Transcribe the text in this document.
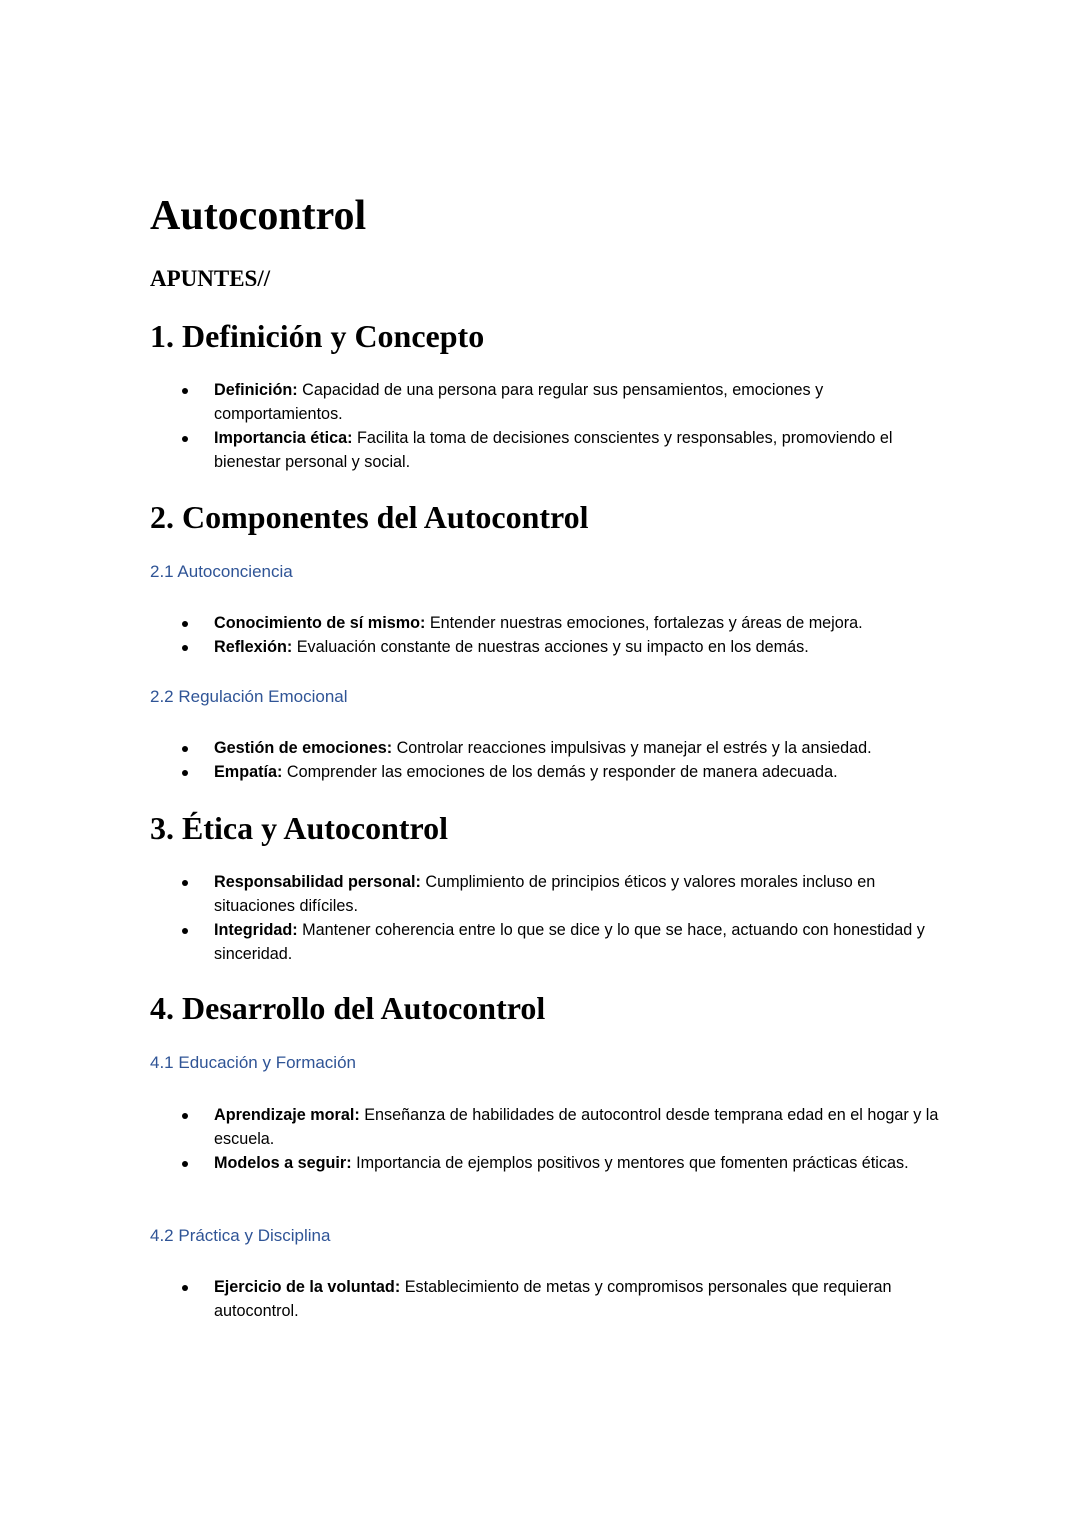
Autocontrol
APUNTES//
1. Definición y Concepto
Definición: Capacidad de una persona para regular sus pensamientos, emociones y comportamientos.
Importancia ética: Facilita la toma de decisiones conscientes y responsables, promoviendo el bienestar personal y social.
2. Componentes del Autocontrol
2.1 Autoconciencia
Conocimiento de sí mismo: Entender nuestras emociones, fortalezas y áreas de mejora.
Reflexión: Evaluación constante de nuestras acciones y su impacto en los demás.
2.2 Regulación Emocional
Gestión de emociones: Controlar reacciones impulsivas y manejar el estrés y la ansiedad.
Empatía: Comprender las emociones de los demás y responder de manera adecuada.
3. Ética y Autocontrol
Responsabilidad personal: Cumplimiento de principios éticos y valores morales incluso en situaciones difíciles.
Integridad: Mantener coherencia entre lo que se dice y lo que se hace, actuando con honestidad y sinceridad.
4. Desarrollo del Autocontrol
4.1 Educación y Formación
Aprendizaje moral: Enseñanza de habilidades de autocontrol desde temprana edad en el hogar y la escuela.
Modelos a seguir: Importancia de ejemplos positivos y mentores que fomenten prácticas éticas.
4.2 Práctica y Disciplina
Ejercicio de la voluntad: Establecimiento de metas y compromisos personales que requieran autocontrol.
